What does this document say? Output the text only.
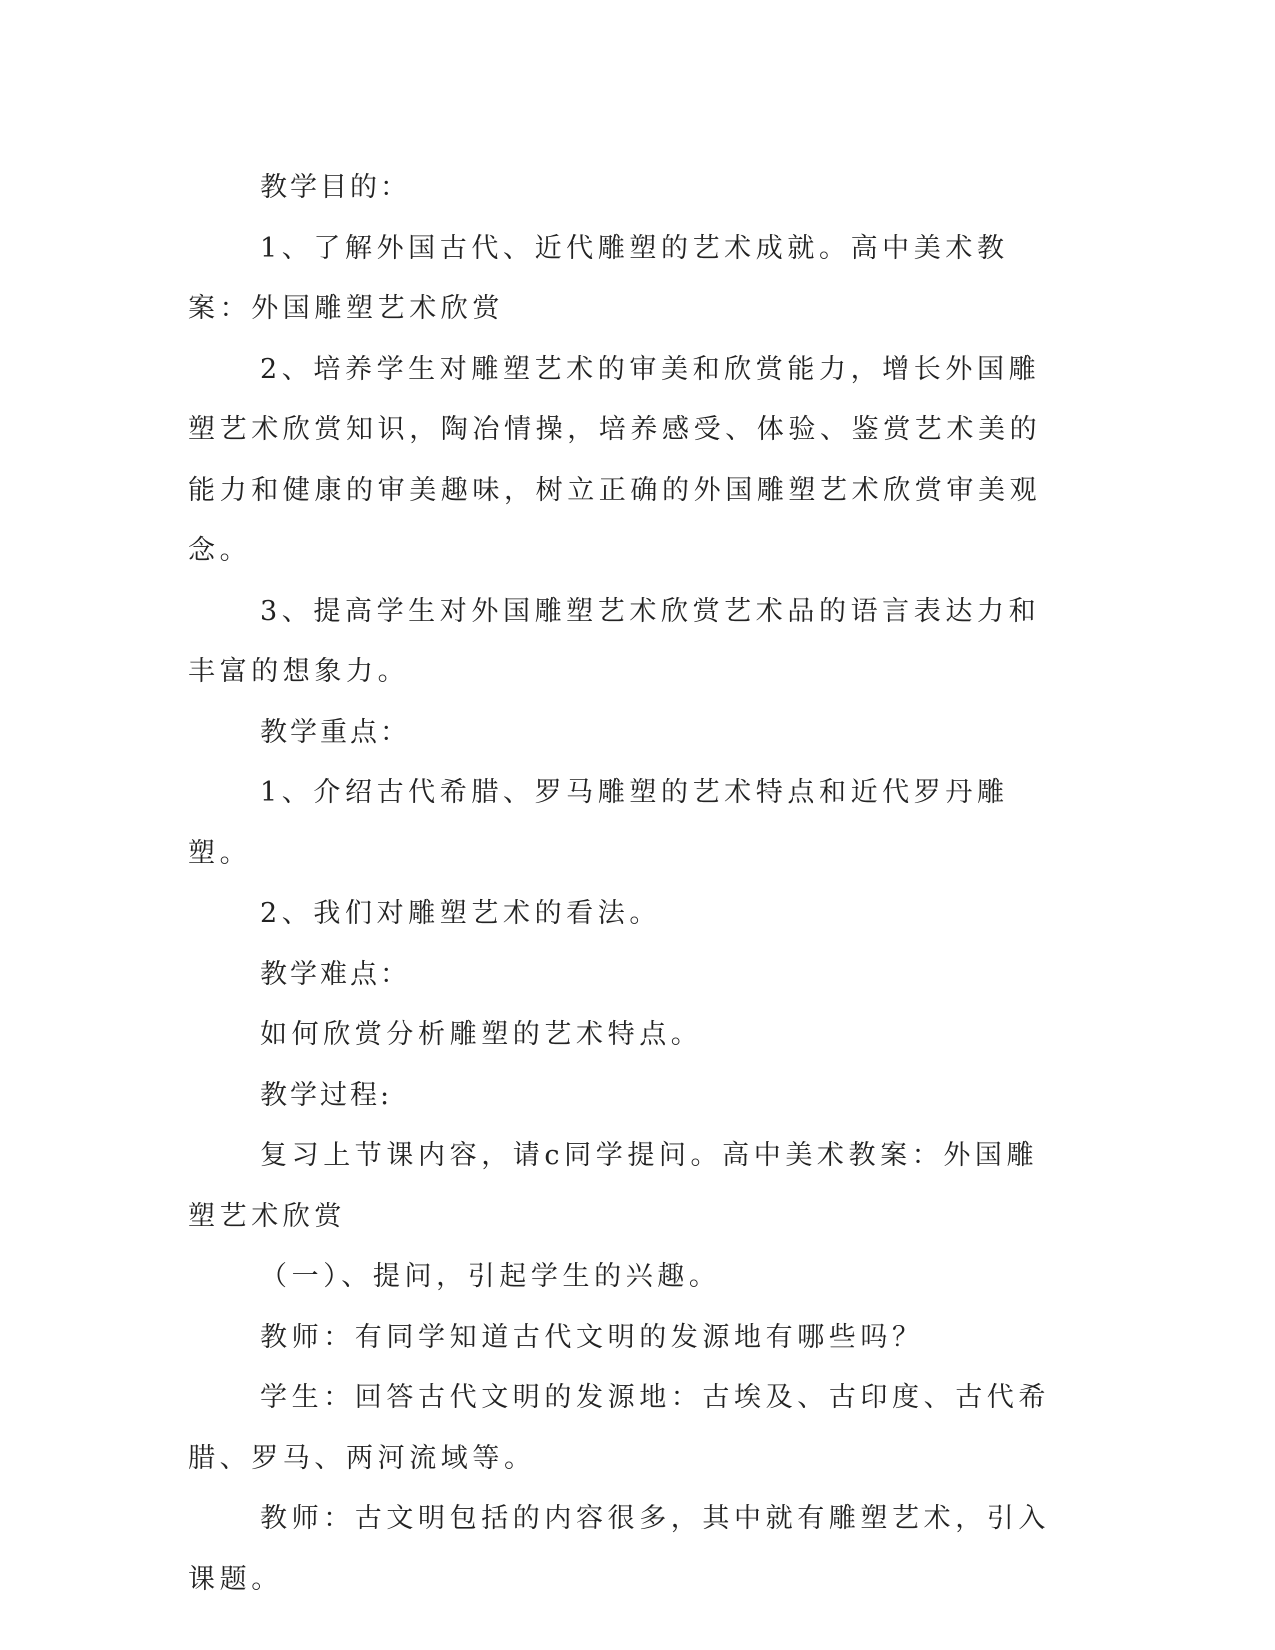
教学目的：

1、了解外国古代、近代雕塑的艺术成就。高中美术教案：外国雕塑艺术欣赏

2、培养学生对雕塑艺术的审美和欣赏能力，增长外国雕塑艺术欣赏知识，陶冶情操，培养感受、体验、鉴赏艺术美的能力和健康的审美趣味，树立正确的外国雕塑艺术欣赏审美观念。

3、提高学生对外国雕塑艺术欣赏艺术品的语言表达力和丰富的想象力。

教学重点：

1、介绍古代希腊、罗马雕塑的艺术特点和近代罗丹雕塑。

2、我们对雕塑艺术的看法。

教学难点：

如何欣赏分析雕塑的艺术特点。

教学过程:

复习上节课内容，请c同学提问。高中美术教案：外国雕塑艺术欣赏

（一）、提问，引起学生的兴趣。

教师：有同学知道古代文明的发源地有哪些吗？

学生：回答古代文明的发源地：古埃及、古印度、古代希腊、罗马、两河流域等。

教师：古文明包括的内容很多，其中就有雕塑艺术，引入课题。
